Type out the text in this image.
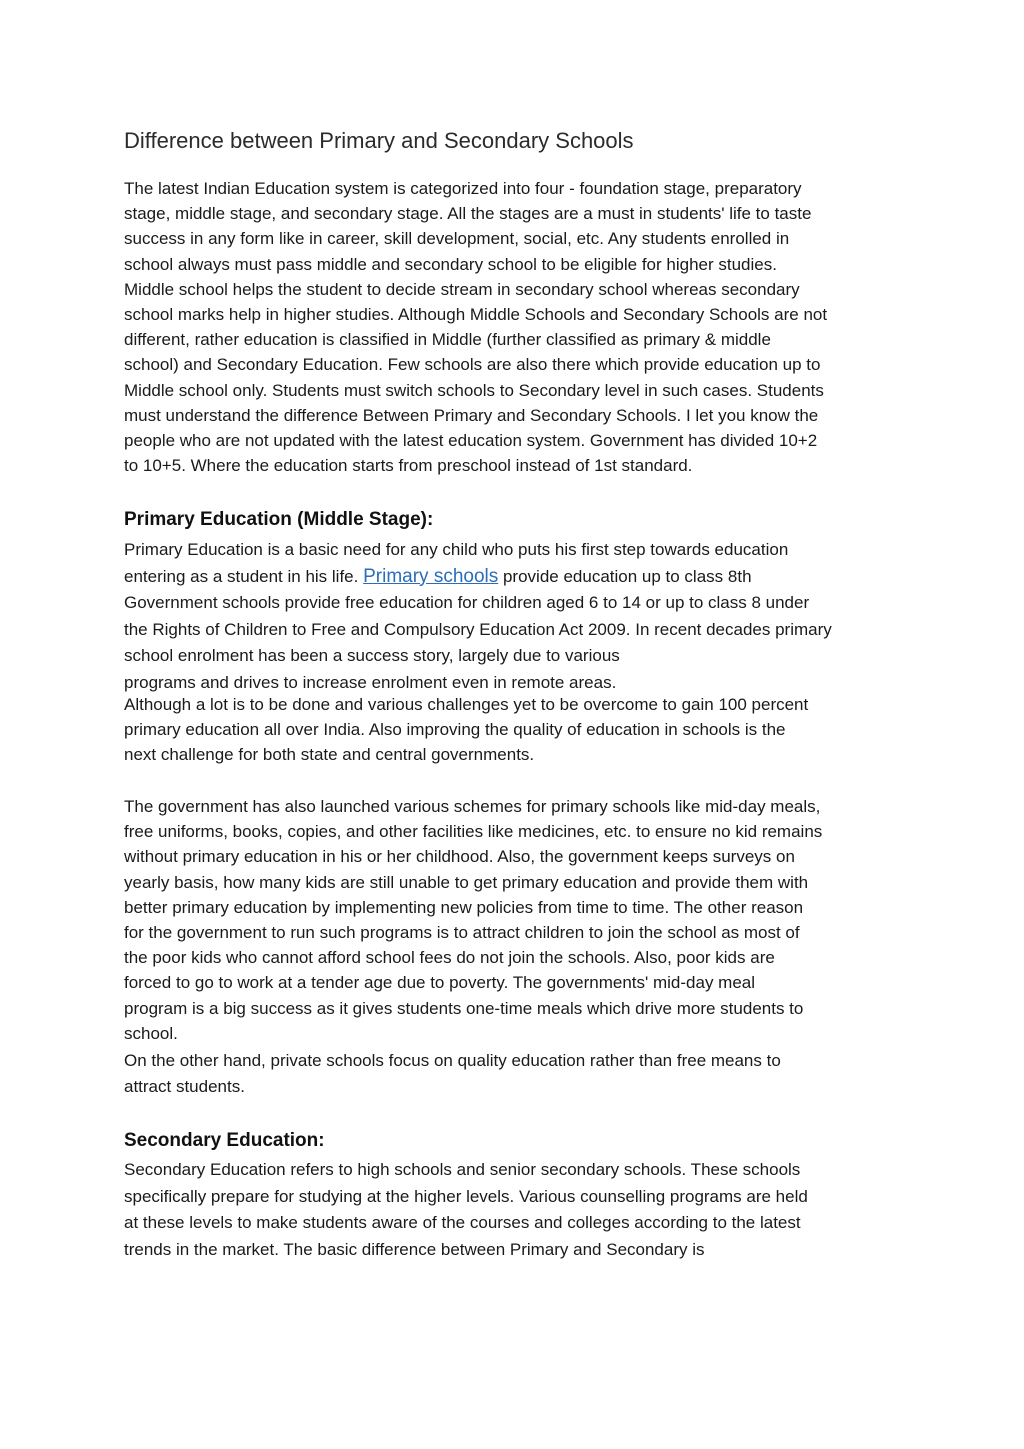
Difference between Primary and Secondary Schools

The latest Indian Education system is categorized into four - foundation stage, preparatory
stage, middle stage, and secondary stage. All the stages are a must in students' life to taste
success in any form like in career, skill development, social, etc. Any students enrolled in
school always must pass middle and secondary school to be eligible for higher studies.
Middle school helps the student to decide stream in secondary school whereas secondary
school marks help in higher studies. Although Middle Schools and Secondary Schools are not
different, rather education is classified in Middle (further classified as primary & middle
school) and Secondary Education. Few schools are also there which provide education up to
Middle school only. Students must switch schools to Secondary level in such cases. Students
must understand the difference Between Primary and Secondary Schools. I let you know the
people who are not updated with the latest education system. Government has divided 10+2
to 10+5. Where the education starts from preschool instead of 1st standard.

Primary Education (Middle Stage):

Primary Education is a basic need for any child who puts his first step towards education
entering as a student in his life. Primary schools provide education up to class 8th
Government schools provide free education for children aged 6 to 14 or up to class 8 under
the Rights of Children to Free and Compulsory Education Act 2009. In recent decades primary
school enrolment has been a success story, largely due to various
programs and drives to increase enrolment even in remote areas.

Although a lot is to be done and various challenges yet to be overcome to gain 100 percent
primary education all over India. Also improving the quality of education in schools is the
next challenge for both state and central governments.

The government has also launched various schemes for primary schools like mid-day meals,
free uniforms, books, copies, and other facilities like medicines, etc. to ensure no kid remains
without primary education in his or her childhood. Also, the government keeps surveys on
yearly basis, how many kids are still unable to get primary education and provide them with
better primary education by implementing new policies from time to time. The other reason
for the government to run such programs is to attract children to join the school as most of
the poor kids who cannot afford school fees do not join the schools. Also, poor kids are
forced to go to work at a tender age due to poverty. The governments' mid-day meal
program is a big success as it gives students one-time meals which drive more students to
school.

On the other hand, private schools focus on quality education rather than free means to
attract students.

Secondary Education:

Secondary Education refers to high schools and senior secondary schools. These schools
specifically prepare for studying at the higher levels. Various counselling programs are held
at these levels to make students aware of the courses and colleges according to the latest
trends in the market. The basic difference between Primary and Secondary is
